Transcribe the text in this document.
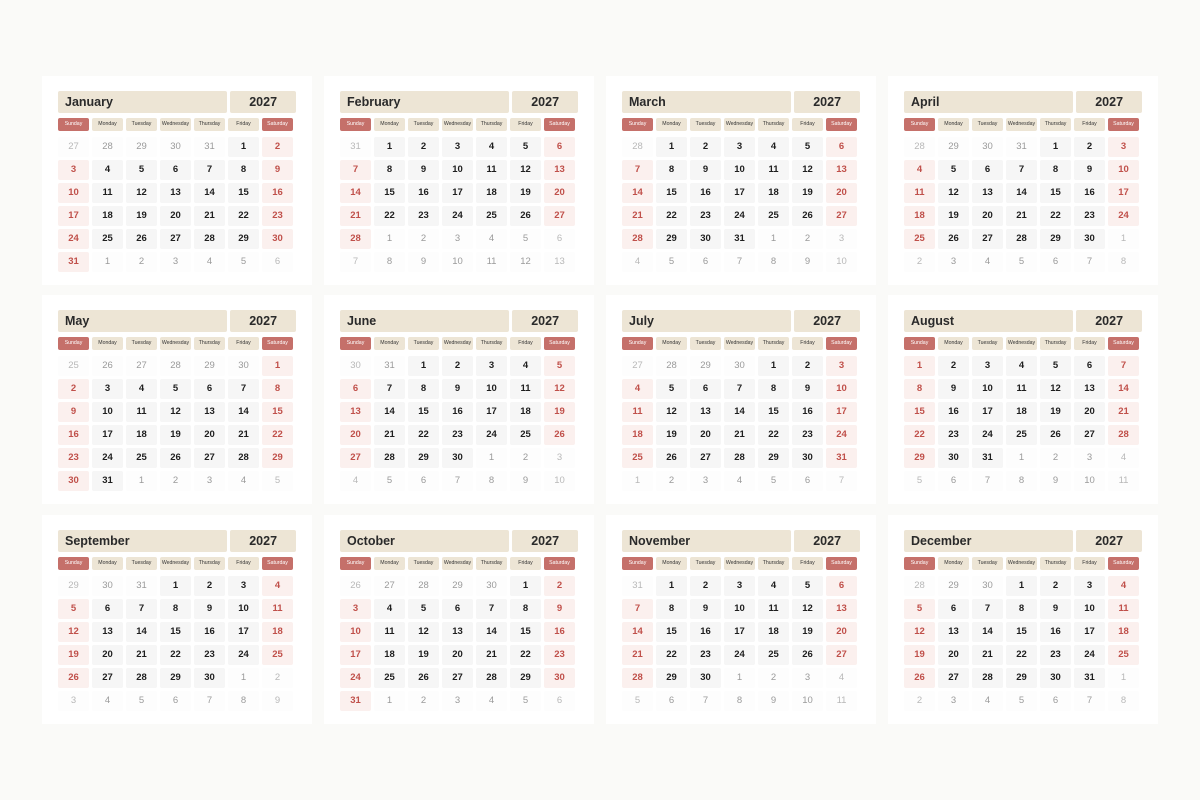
January	2027
Sunday	Monday	Tuesday	Wednesday	Thursday	Friday	Saturday
27	28	29	30	31	1	2
3	4	5	6	7	8	9
10	11	12	13	14	15	16
17	18	19	20	21	22	23
24	25	26	27	28	29	30
31	1	2	3	4	5	6
February	2027
Sunday	Monday	Tuesday	Wednesday	Thursday	Friday	Saturday
31	1	2	3	4	5	6
7	8	9	10	11	12	13
14	15	16	17	18	19	20
21	22	23	24	25	26	27
28	1	2	3	4	5	6
7	8	9	10	11	12	13
March	2027
Sunday	Monday	Tuesday	Wednesday	Thursday	Friday	Saturday
28	1	2	3	4	5	6
7	8	9	10	11	12	13
14	15	16	17	18	19	20
21	22	23	24	25	26	27
28	29	30	31	1	2	3
4	5	6	7	8	9	10
April	2027
Sunday	Monday	Tuesday	Wednesday	Thursday	Friday	Saturday
28	29	30	31	1	2	3
4	5	6	7	8	9	10
11	12	13	14	15	16	17
18	19	20	21	22	23	24
25	26	27	28	29	30	1
2	3	4	5	6	7	8
May	2027
Sunday	Monday	Tuesday	Wednesday	Thursday	Friday	Saturday
25	26	27	28	29	30	1
2	3	4	5	6	7	8
9	10	11	12	13	14	15
16	17	18	19	20	21	22
23	24	25	26	27	28	29
30	31	1	2	3	4	5
June	2027
Sunday	Monday	Tuesday	Wednesday	Thursday	Friday	Saturday
30	31	1	2	3	4	5
6	7	8	9	10	11	12
13	14	15	16	17	18	19
20	21	22	23	24	25	26
27	28	29	30	1	2	3
4	5	6	7	8	9	10
July	2027
Sunday	Monday	Tuesday	Wednesday	Thursday	Friday	Saturday
27	28	29	30	1	2	3
4	5	6	7	8	9	10
11	12	13	14	15	16	17
18	19	20	21	22	23	24
25	26	27	28	29	30	31
1	2	3	4	5	6	7
August	2027
Sunday	Monday	Tuesday	Wednesday	Thursday	Friday	Saturday
1	2	3	4	5	6	7
8	9	10	11	12	13	14
15	16	17	18	19	20	21
22	23	24	25	26	27	28
29	30	31	1	2	3	4
5	6	7	8	9	10	11
September	2027
Sunday	Monday	Tuesday	Wednesday	Thursday	Friday	Saturday
29	30	31	1	2	3	4
5	6	7	8	9	10	11
12	13	14	15	16	17	18
19	20	21	22	23	24	25
26	27	28	29	30	1	2
3	4	5	6	7	8	9
October	2027
Sunday	Monday	Tuesday	Wednesday	Thursday	Friday	Saturday
26	27	28	29	30	1	2
3	4	5	6	7	8	9
10	11	12	13	14	15	16
17	18	19	20	21	22	23
24	25	26	27	28	29	30
31	1	2	3	4	5	6
November	2027
Sunday	Monday	Tuesday	Wednesday	Thursday	Friday	Saturday
31	1	2	3	4	5	6
7	8	9	10	11	12	13
14	15	16	17	18	19	20
21	22	23	24	25	26	27
28	29	30	1	2	3	4
5	6	7	8	9	10	11
December	2027
Sunday	Monday	Tuesday	Wednesday	Thursday	Friday	Saturday
28	29	30	1	2	3	4
5	6	7	8	9	10	11
12	13	14	15	16	17	18
19	20	21	22	23	24	25
26	27	28	29	30	31	1
2	3	4	5	6	7	8
